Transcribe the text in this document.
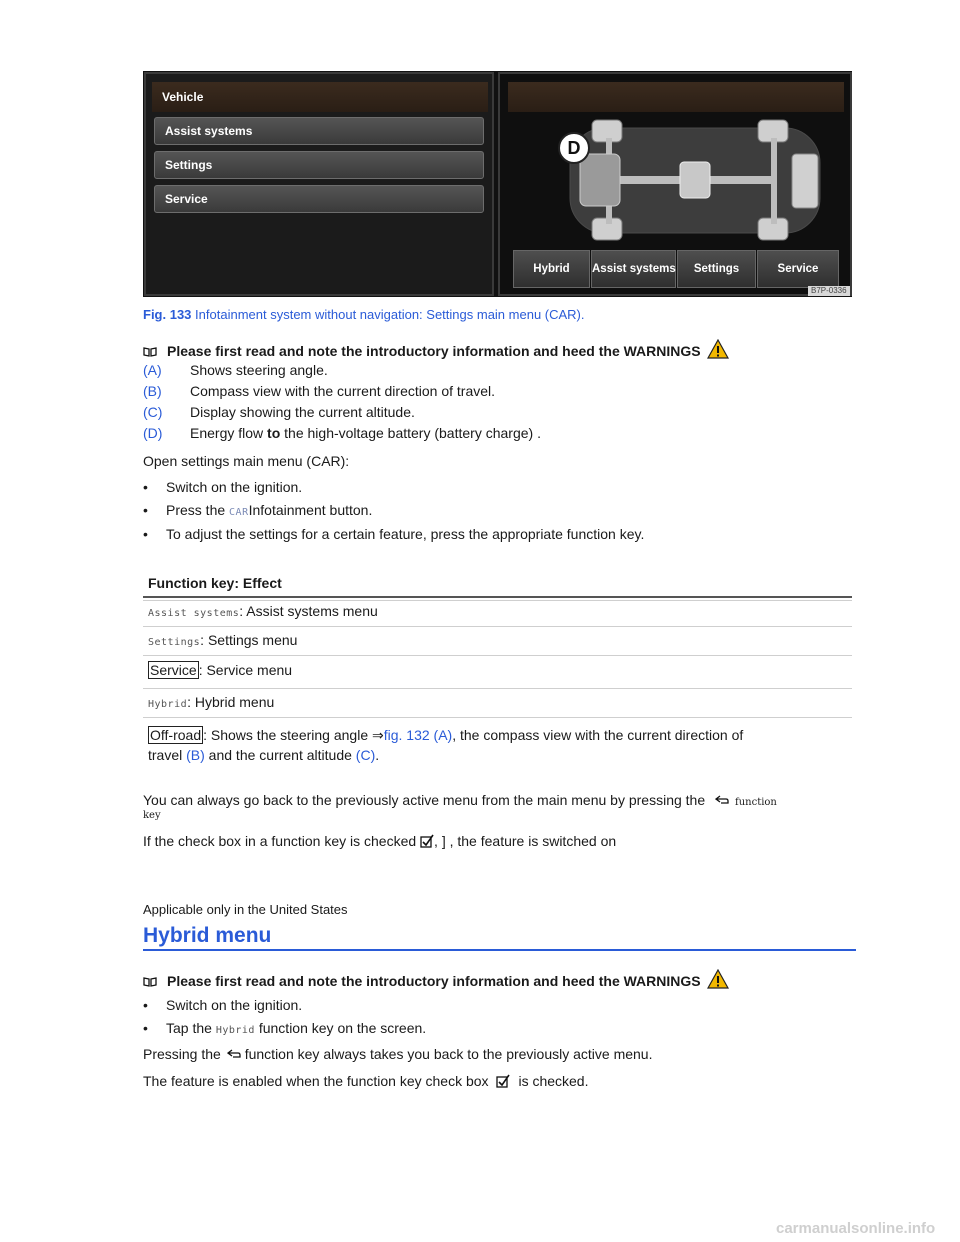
Vehicle
Assist systems
Settings
Service
D
Hybrid	Assist systems	Settings	Service
B7P-0336
Fig. 133 Infotainment system without navigation: Settings main menu (CAR).
Please first read and note the introductory information and heed the WARNINGS
(A)	Shows steering angle.
(B)	Compass view with the current direction of travel.
(C)	Display showing the current altitude.
(D)	Energy flow to the high-voltage battery (battery charge) .
Open settings main menu (CAR):
• Switch on the ignition.
• Press the CARInfotainment button.
• To adjust the settings for a certain feature, press the appropriate function key.
Function key: Effect
Assist systems: Assist systems menu
Settings: Settings menu
Service : Service menu
Hybrid: Hybrid menu
Off-road : Shows the steering angle ⇒fig. 132 (A), the compass view with the current direction of
travel (B) and the current altitude (C).
You can always go back to the previously active menu from the main menu by pressing the	function
key
If the check box in a function key is checked , ] , the feature is switched on
Applicable only in the United States
Hybrid menu
Please first read and note the introductory information and heed the WARNINGS
• Switch on the ignition.
• Tap the Hybrid function key on the screen.
Pressing the function key always takes you back to the previously active menu.
The feature is enabled when the function key check box is checked.
carmanualsonline.info
